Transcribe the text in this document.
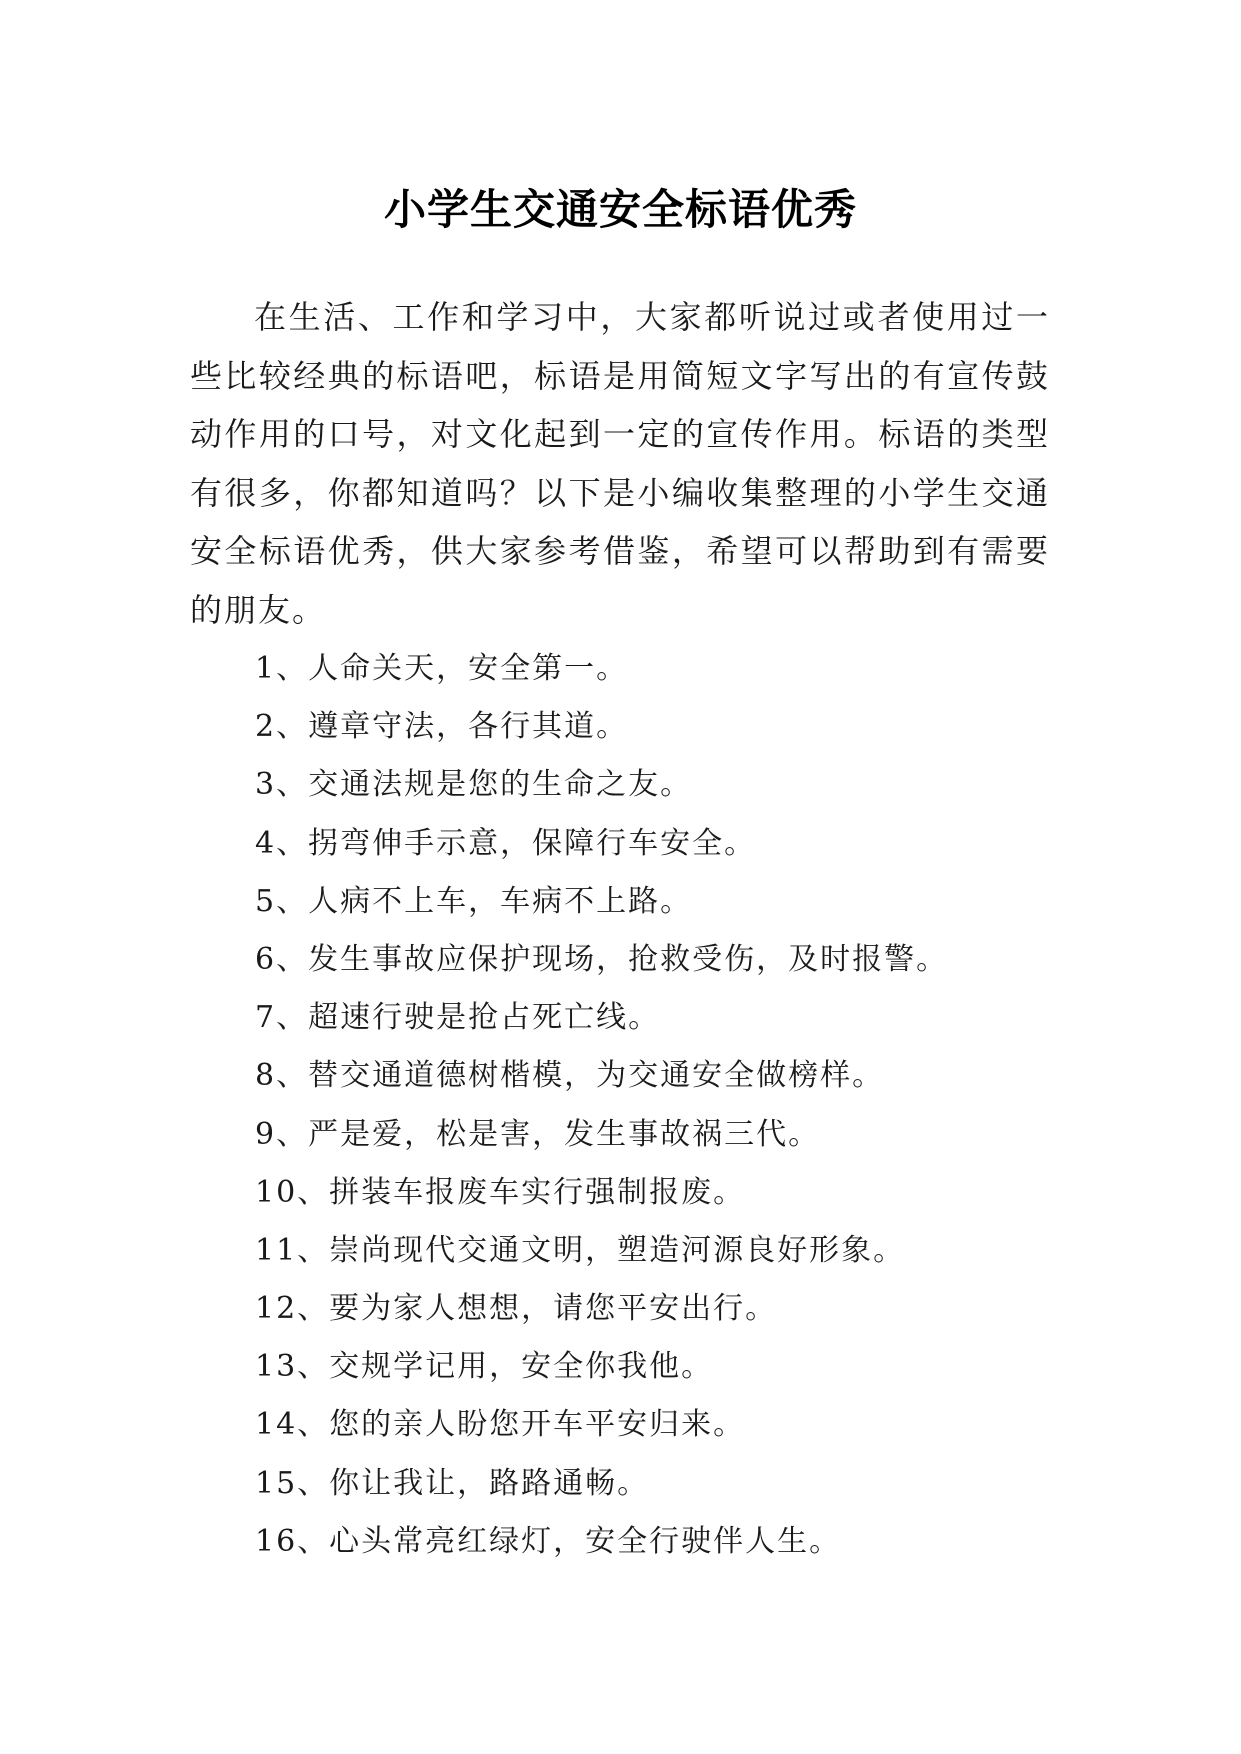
小学生交通安全标语优秀

在生活、工作和学习中，大家都听说过或者使用过一些比较经典的标语吧，标语是用简短文字写出的有宣传鼓动作用的口号，对文化起到一定的宣传作用。标语的类型有很多，你都知道吗？以下是小编收集整理的小学生交通安全标语优秀，供大家参考借鉴，希望可以帮助到有需要的朋友。

1、人命关天，安全第一。
2、遵章守法，各行其道。
3、交通法规是您的生命之友。
4、拐弯伸手示意，保障行车安全。
5、人病不上车，车病不上路。
6、发生事故应保护现场，抢救受伤，及时报警。
7、超速行驶是抢占死亡线。
8、替交通道德树楷模，为交通安全做榜样。
9、严是爱，松是害，发生事故祸三代。
10、拼装车报废车实行强制报废。
11、崇尚现代交通文明，塑造河源良好形象。
12、要为家人想想，请您平安出行。
13、交规学记用，安全你我他。
14、您的亲人盼您开车平安归来。
15、你让我让，路路通畅。
16、心头常亮红绿灯，安全行驶伴人生。
